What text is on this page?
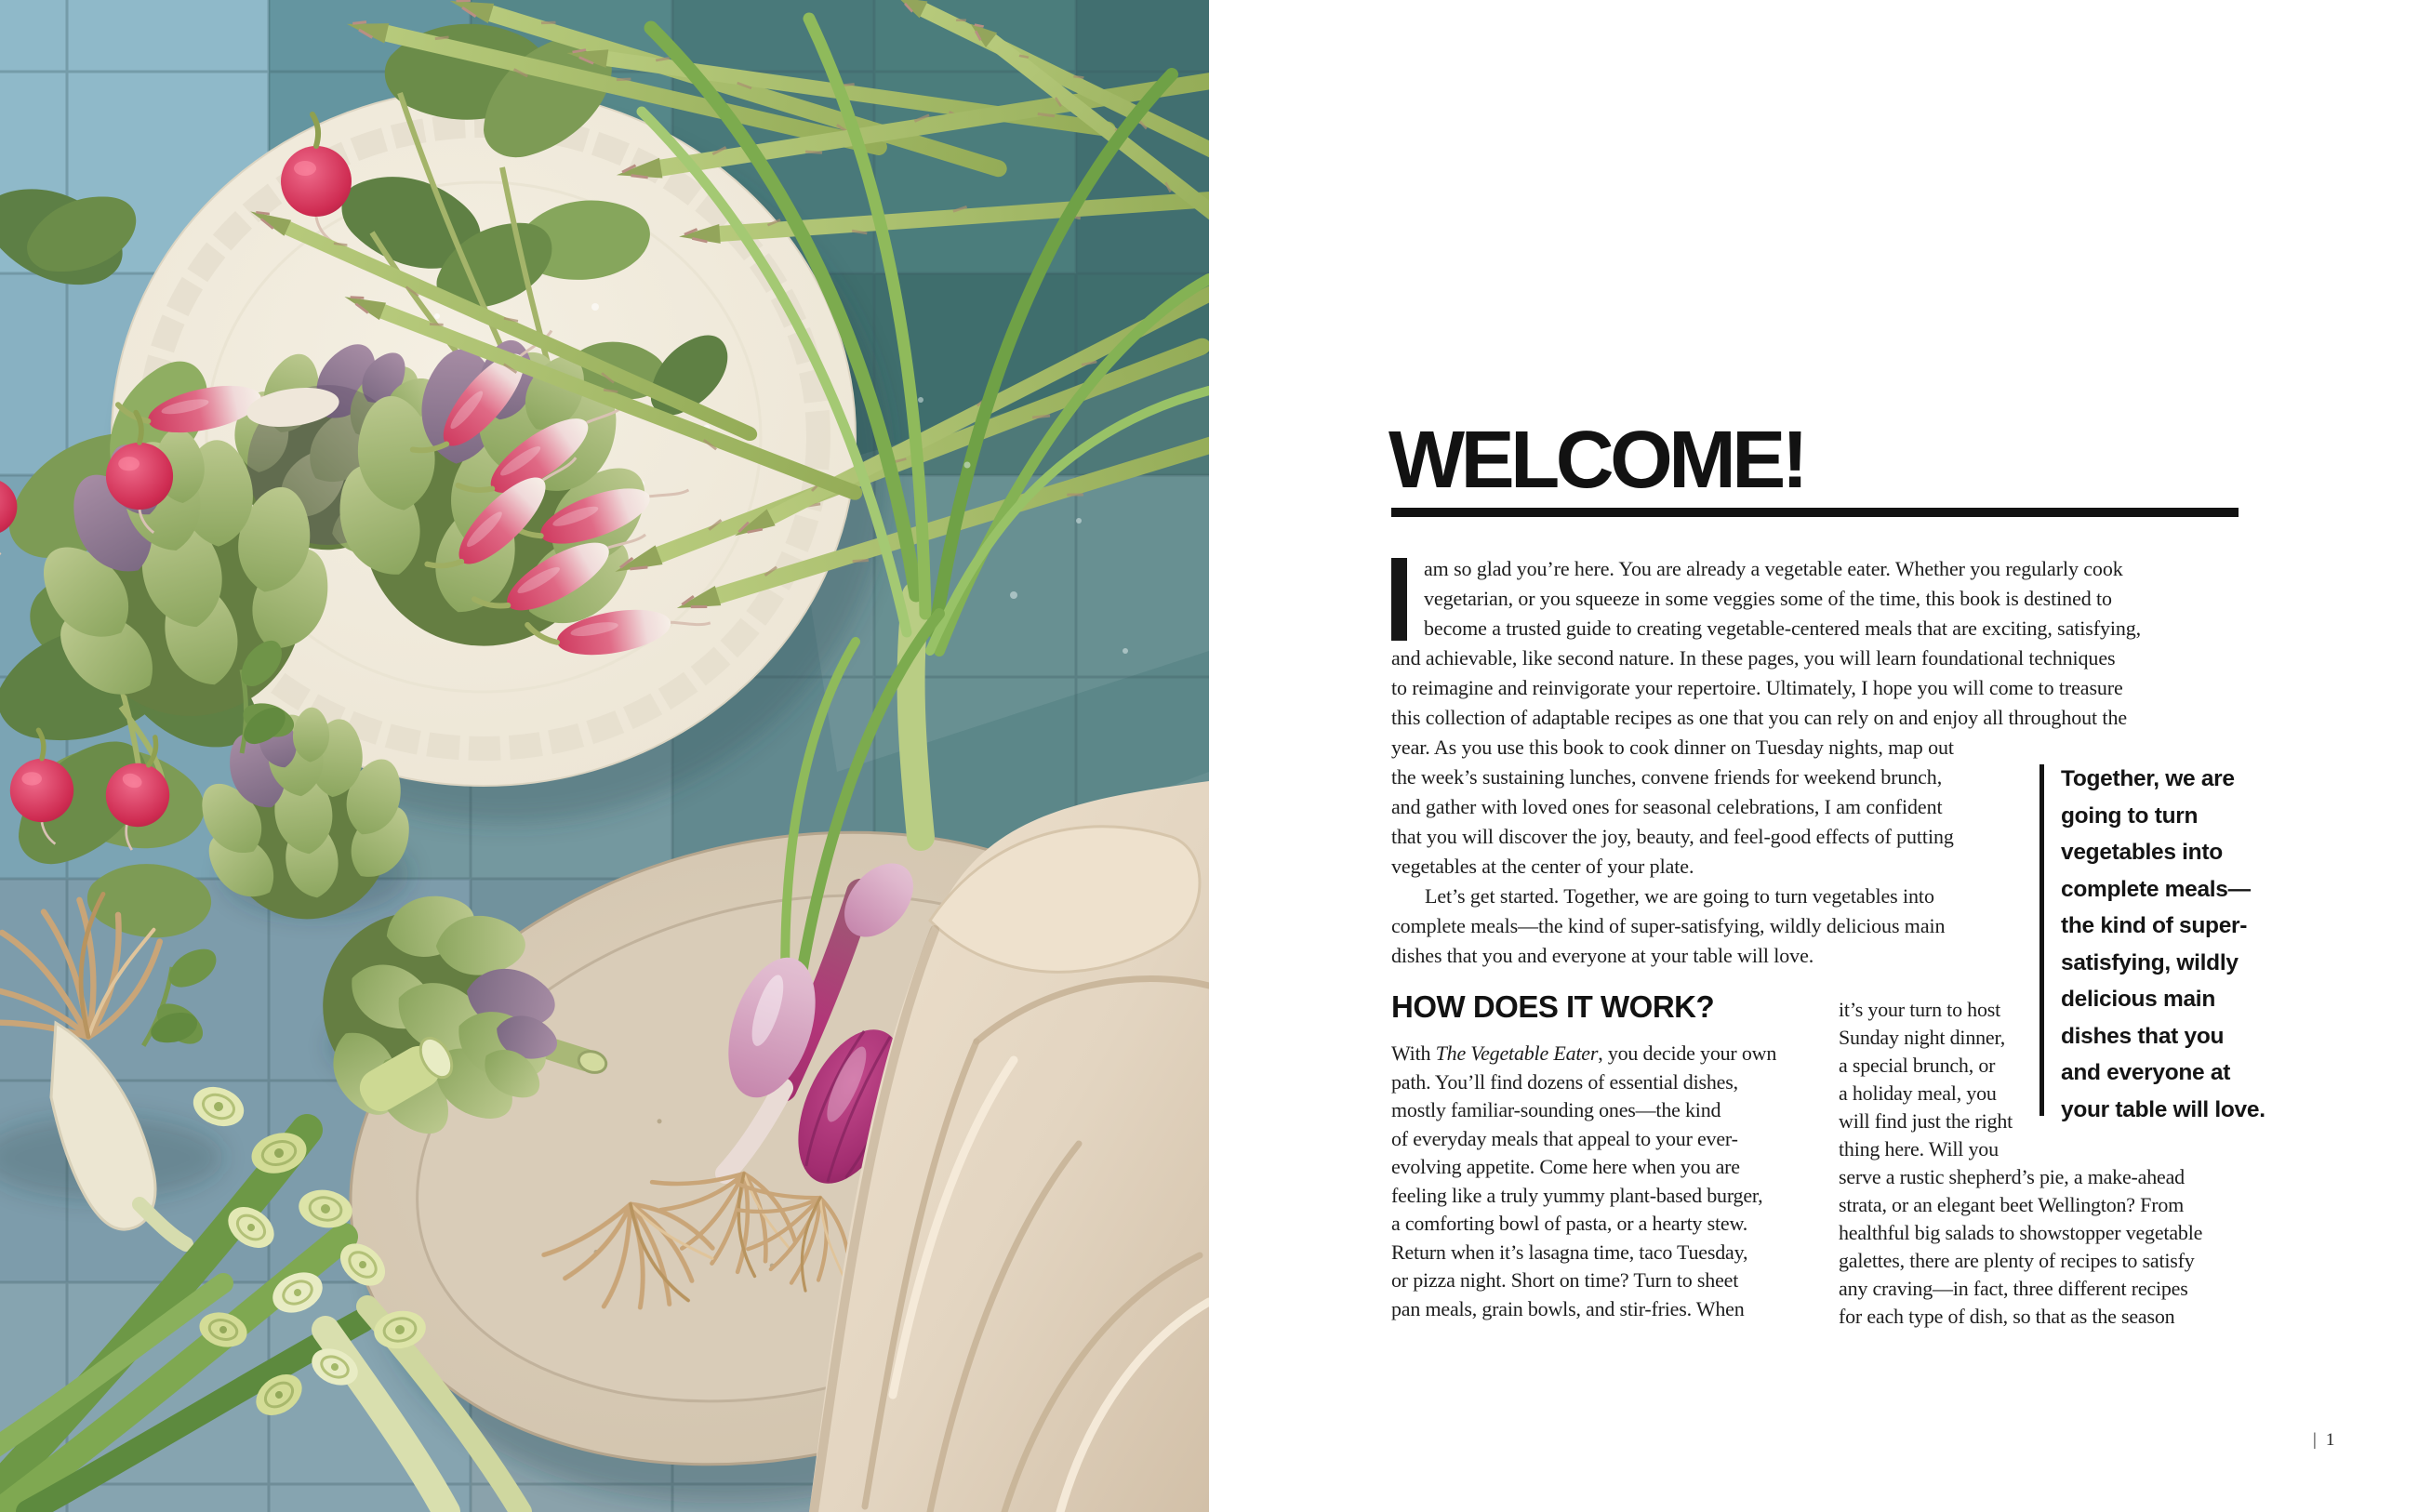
WELCOME!
am so glad you’re here. You are already a vegetable eater. Whether you regularly cook
vegetarian, or you squeeze in some veggies some of the time, this book is destined to
become a trusted guide to creating vegetable-centered meals that are exciting, satisfying,
and achievable, like second nature. In these pages, you will learn foundational techniques
to reimagine and reinvigorate your repertoire. Ultimately, I hope you will come to treasure
this collection of adaptable recipes as one that you can rely on and enjoy all throughout the
year. As you use this book to cook dinner on Tuesday nights, map out
the week’s sustaining lunches, convene friends for weekend brunch,
and gather with loved ones for seasonal celebrations, I am confident
that you will discover the joy, beauty, and feel-good effects of putting
vegetables at the center of your plate.
Let’s get started. Together, we are going to turn vegetables into
complete meals—the kind of super-satisfying, wildly delicious main
dishes that you and everyone at your table will love.
Together, we are
going to turn
vegetables into
complete meals—
the kind of super-
satisfying, wildly
delicious main
dishes that you
and everyone at
your table will love.
HOW DOES IT WORK?
With The Vegetable Eater, you decide your own
path. You’ll find dozens of essential dishes,
mostly familiar-sounding ones—the kind
of everyday meals that appeal to your ever-
evolving appetite. Come here when you are
feeling like a truly yummy plant-based burger,
a comforting bowl of pasta, or a hearty stew.
Return when it’s lasagna time, taco Tuesday,
or pizza night. Short on time? Turn to sheet
pan meals, grain bowls, and stir-fries. When
it’s your turn to host
Sunday night dinner,
a special brunch, or
a holiday meal, you
will find just the right
thing here. Will you
serve a rustic shepherd’s pie, a make-ahead
strata, or an elegant beet Wellington? From
healthful big salads to showstopper vegetable
galettes, there are plenty of recipes to satisfy
any craving—in fact, three different recipes
for each type of dish, so that as the season
| 1
